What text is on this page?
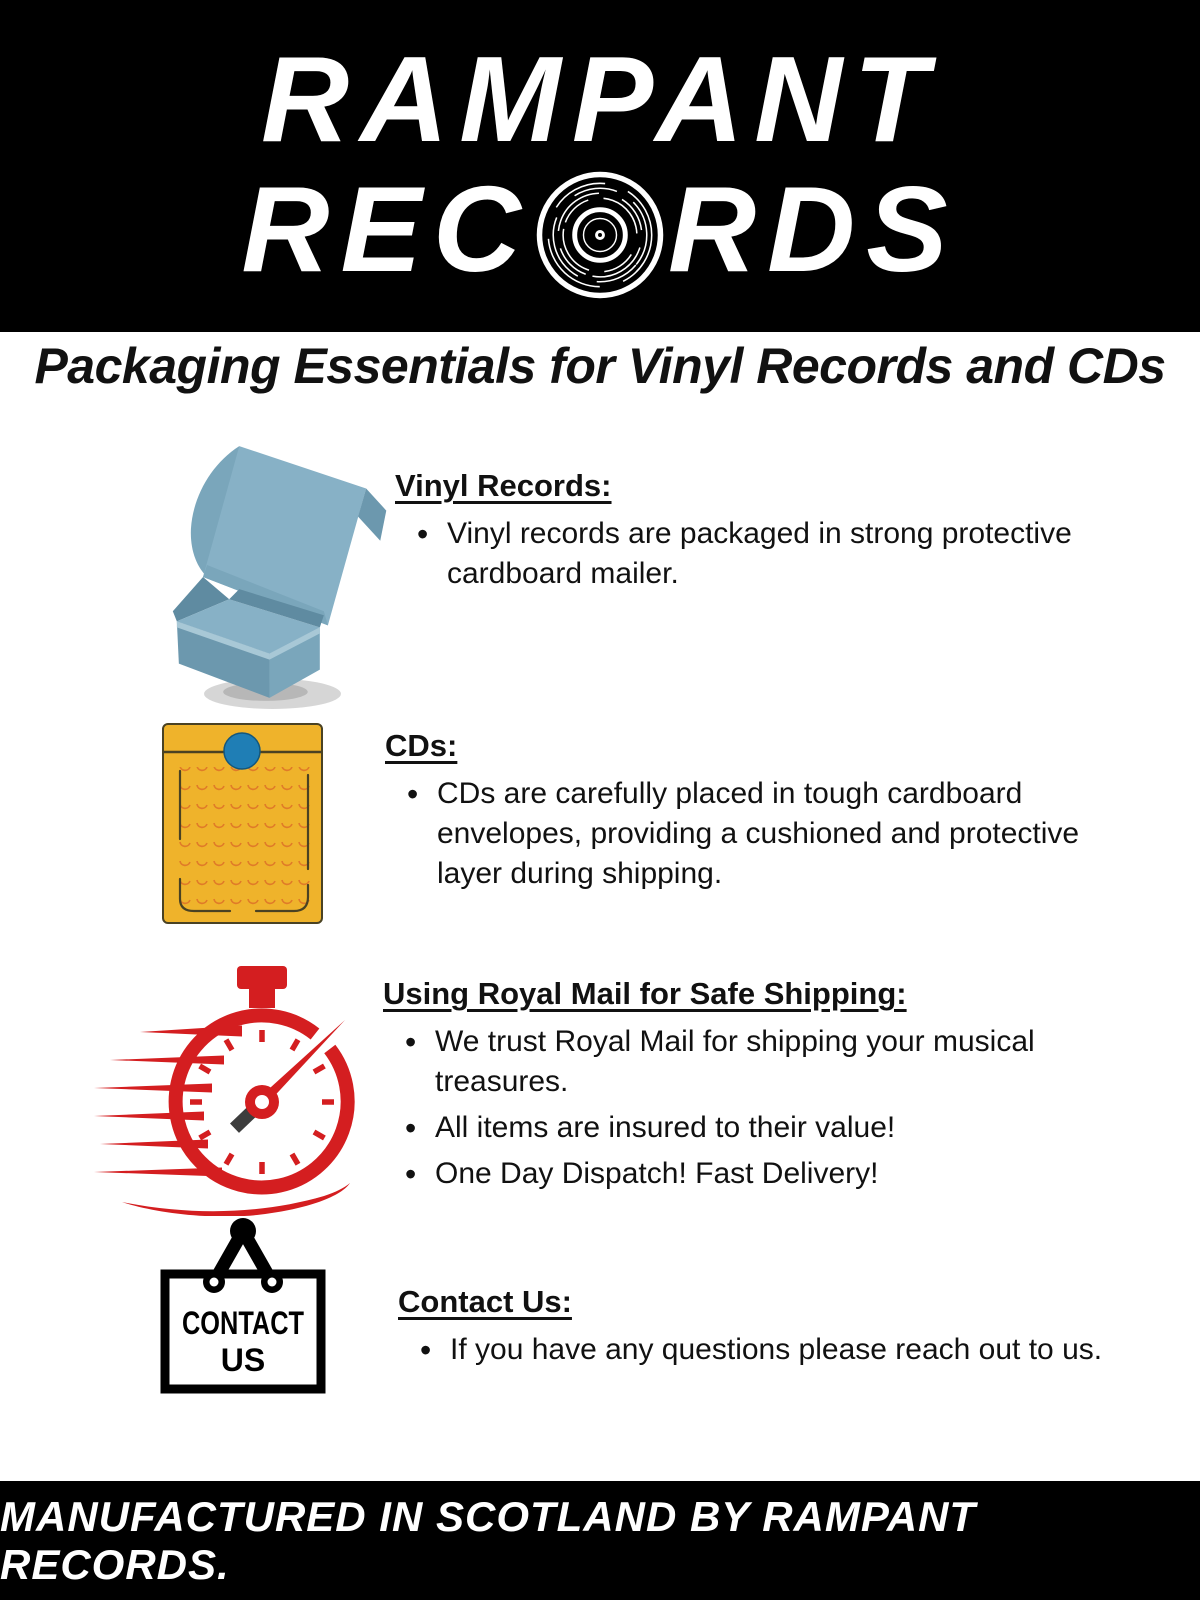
RAMPANT
REC RDS
Packaging Essentials for Vinyl Records and CDs
Vinyl Records:
• Vinyl records are packaged in strong protective cardboard mailer.
CDs:
• CDs are carefully placed in tough cardboard envelopes, providing a cushioned and protective layer during shipping.
Using Royal Mail for Safe Shipping:
• We trust Royal Mail for shipping your musical treasures.
• All items are insured to their value!
• One Day Dispatch! Fast Delivery!
CONTACT
US
Contact Us:
• If you have any questions please reach out to us.
MANUFACTURED IN SCOTLAND BY RAMPANT RECORDS.
